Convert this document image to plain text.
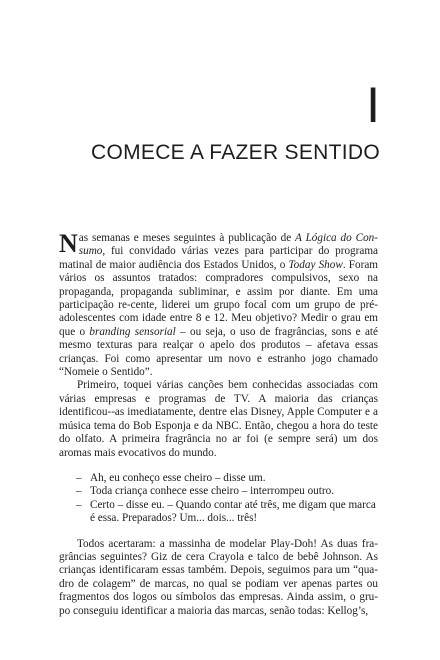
I
COMECE A FAZER SENTIDO

Nas semanas e meses seguintes à publicação de A Lógica do Con-sumo, fui convidado várias vezes para participar do programa matinal de maior audiência dos Estados Unidos, o Today Show. Foram vários os assuntos tratados: compradores compulsivos, sexo na propaganda, propaganda subliminar, e assim por diante. Em uma participação re-cente, liderei um grupo focal com um grupo de pré-adolescentes com idade entre 8 e 12. Meu objetivo? Medir o grau em que o branding sensorial – ou seja, o uso de fragrâncias, sons e até mesmo texturas para realçar o apelo dos produtos – afetava essas crianças. Foi como apresentar um novo e estranho jogo chamado “Nomeie o Sentido”.

Primeiro, toquei várias canções bem conhecidas associadas com várias empresas e programas de TV. A maioria das crianças identificou--as imediatamente, dentre elas Disney, Apple Computer e a música tema do Bob Esponja e da NBC. Então, chegou a hora do teste do olfato. A primeira fragrância no ar foi (e sempre será) um dos aromas mais evocativos do mundo.

– Ah, eu conheço esse cheiro – disse um.
– Toda criança conhece esse cheiro – interrompeu outro.
– Certo – disse eu. – Quando contar até três, me digam que marca é essa. Preparados? Um... dois... três!

Todos acertaram: a massinha de modelar Play-Doh! As duas fra-grâncias seguintes? Giz de cera Crayola e talco de bebê Johnson. As crianças identificaram essas também. Depois, seguimos para um “qua-dro de colagem” de marcas, no qual se podiam ver apenas partes ou fragmentos dos logos ou símbolos das empresas. Ainda assim, o gru-po conseguiu identificar a maioria das marcas, senão todas: Kellog’s,
